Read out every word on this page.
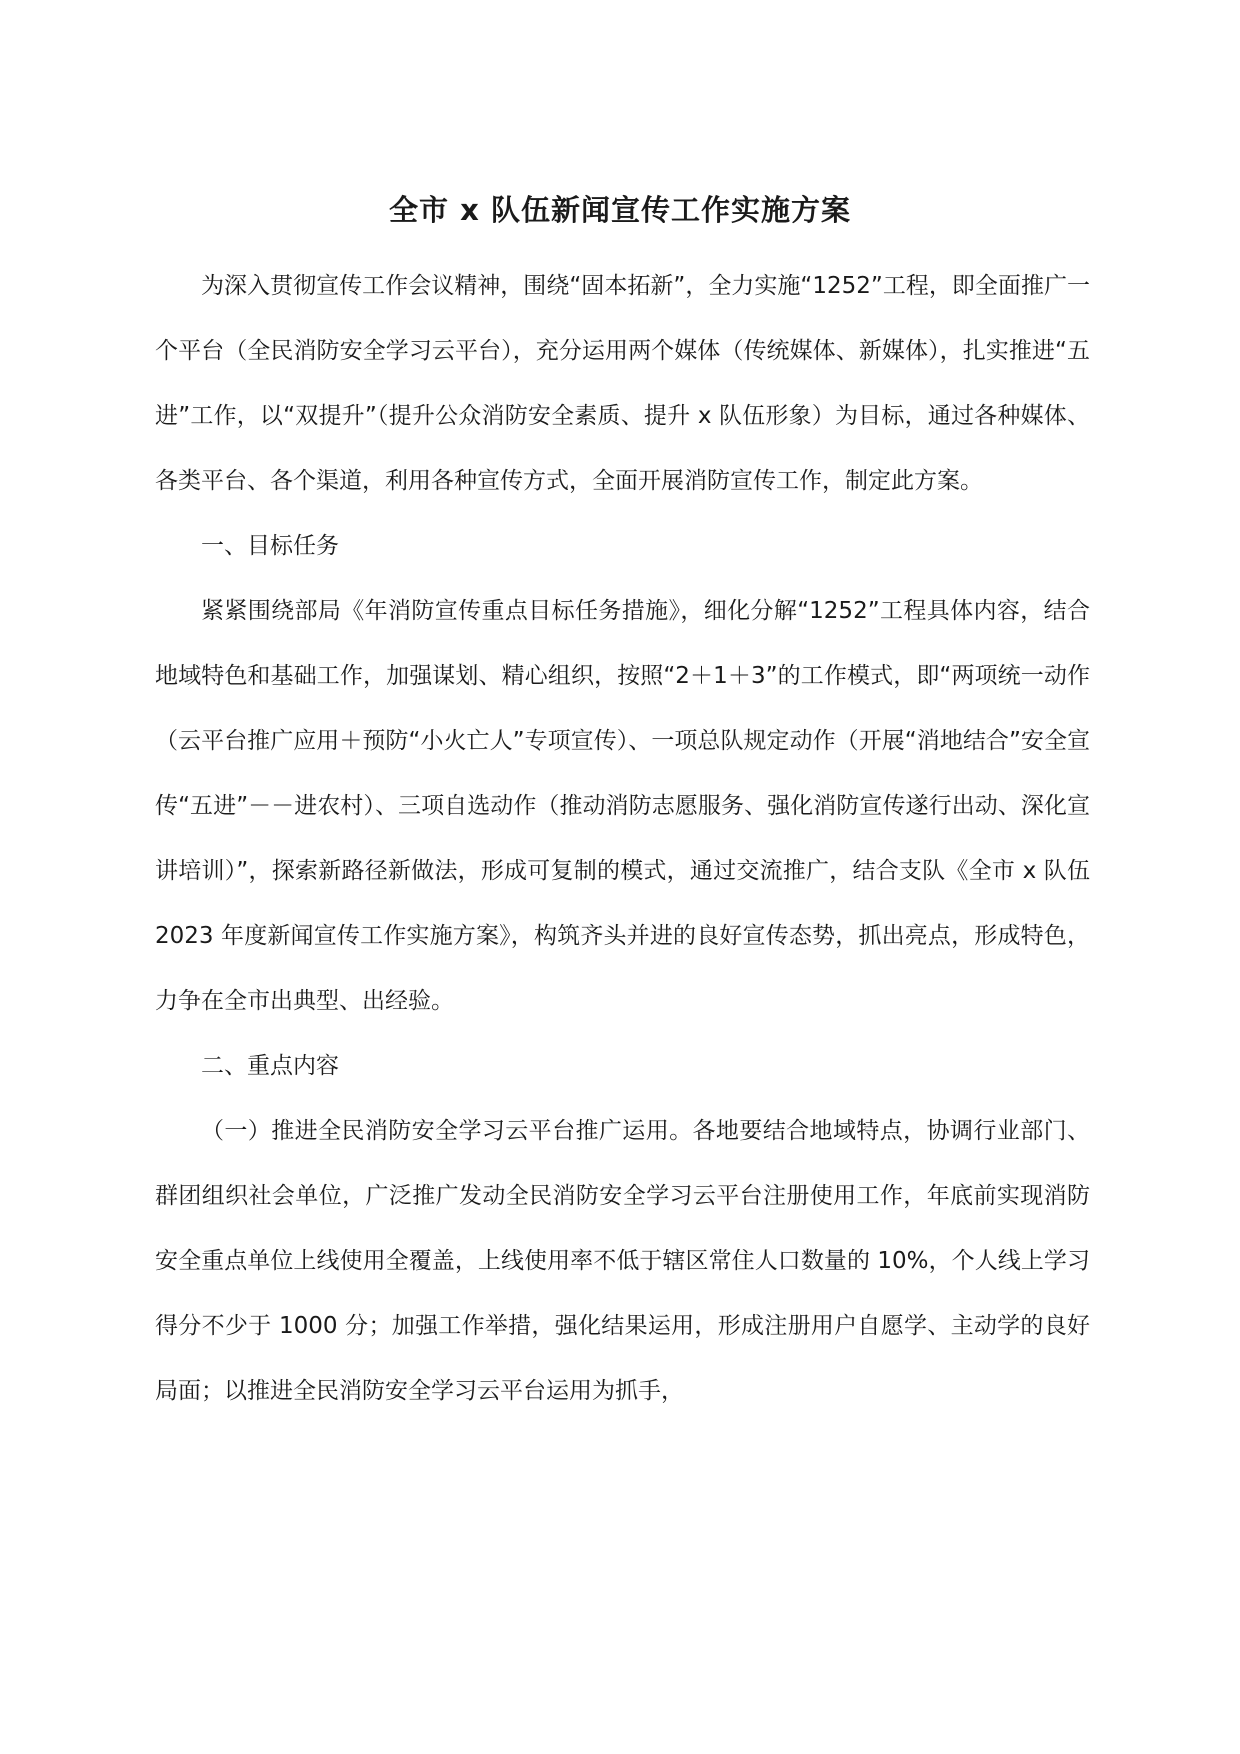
全市 x 队伍新闻宣传工作实施方案

为深入贯彻宣传工作会议精神，围绕“固本拓新”，全力实施“1252”工程，即全面推广一个平台（全民消防安全学习云平台），充分运用两个媒体（传统媒体、新媒体），扎实推进“五进”工作，以“双提升”（提升公众消防安全素质、提升 x 队伍形象）为目标，通过各种媒体、各类平台、各个渠道，利用各种宣传方式，全面开展消防宣传工作，制定此方案。

一、目标任务

紧紧围绕部局《年消防宣传重点目标任务措施》，细化分解“1252”工程具体内容，结合地域特色和基础工作，加强谋划、精心组织，按照“2＋1＋3”的工作模式，即“两项统一动作（云平台推广应用＋预防“小火亡人”专项宣传）、一项总队规定动作（开展“消地结合”安全宣传“五进”－－进农村）、三项自选动作（推动消防志愿服务、强化消防宣传遂行出动、深化宣讲培训）”，探索新路径新做法，形成可复制的模式，通过交流推广，结合支队《全市 x 队伍 2023 年度新闻宣传工作实施方案》，构筑齐头并进的良好宣传态势，抓出亮点，形成特色，力争在全市出典型、出经验。

二、重点内容

（一）推进全民消防安全学习云平台推广运用。各地要结合地域特点，协调行业部门、群团组织社会单位，广泛推广发动全民消防安全学习云平台注册使用工作，年底前实现消防安全重点单位上线使用全覆盖，上线使用率不低于辖区常住人口数量的 10%，个人线上学习得分不少于 1000 分；加强工作举措，强化结果运用，形成注册用户自愿学、主动学的良好局面；以推进全民消防安全学习云平台运用为抓手，
